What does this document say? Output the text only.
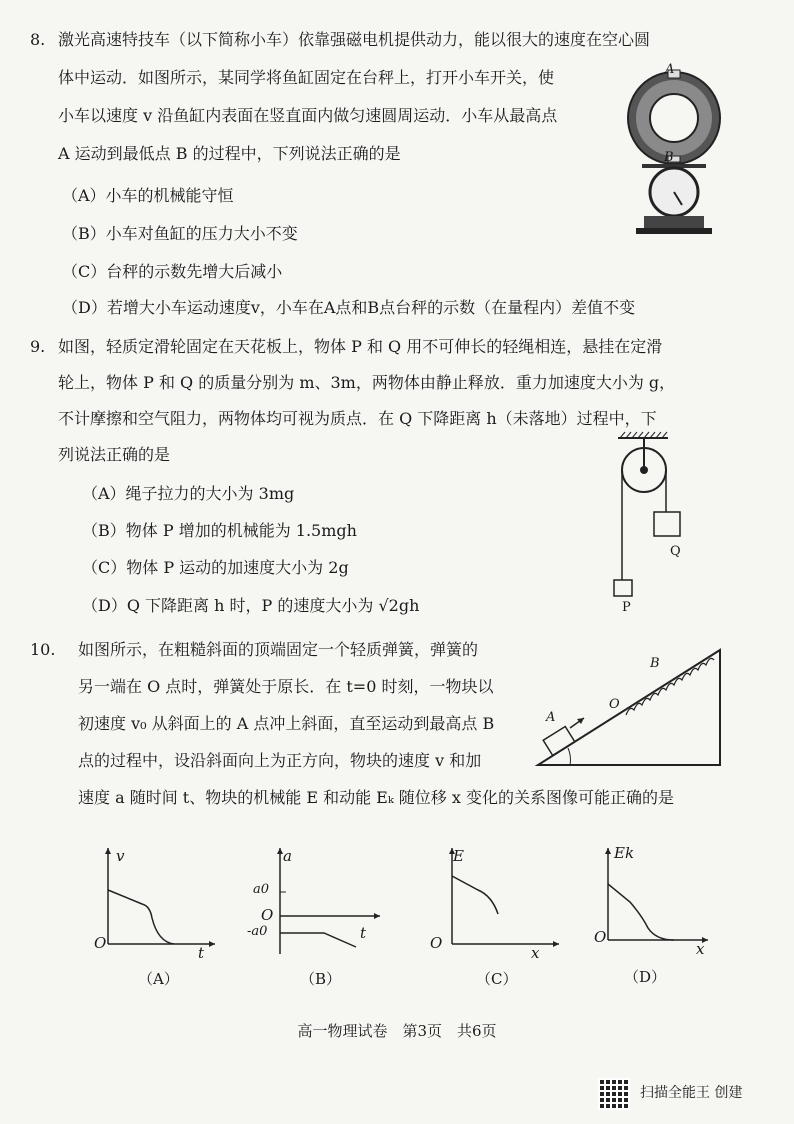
8. 激光高速特技车（以下简称小车）依靠强磁电机提供动力，能以很大的速度在空心圆
体中运动．如图所示，某同学将鱼缸固定在台秤上，打开小车开关，使
小车以速度 v 沿鱼缸内表面在竖直面内做匀速圆周运动．小车从最高点
A 运动到最低点 B 的过程中，下列说法正确的是
（A）小车的机械能守恒
（B）小车对鱼缸的压力大小不变
（C）台秤的示数先增大后减小
（D）若增大小车运动速度v，小车在A点和B点台秤的示数（在量程内）差值不变
A
B
9. 如图，轻质定滑轮固定在天花板上，物体 P 和 Q 用不可伸长的轻绳相连，悬挂在定滑
轮上，物体 P 和 Q 的质量分别为 m、3m，两物体由静止释放．重力加速度大小为 g，
不计摩擦和空气阻力，两物体均可视为质点．在 Q 下降距离 h（未落地）过程中，下
列说法正确的是
（A）绳子拉力的大小为 3mg
（B）物体 P 增加的机械能为 1.5mgh
（C）物体 P 运动的加速度大小为 2g
（D）Q 下降距离 h 时，P 的速度大小为 √2gh
Q
P
10. 如图所示，在粗糙斜面的顶端固定一个轻质弹簧，弹簧的
另一端在 O 点时，弹簧处于原长．在 t=0 时刻，一物块以
初速度 v₀ 从斜面上的 A 点冲上斜面，直至运动到最高点 B
点的过程中，设沿斜面向上为正方向，物块的速度 v 和加
速度 a 随时间 t、物块的机械能 E 和动能 Eₖ 随位移 x 变化的关系图像可能正确的是
A
O
B
v
t
O
（A）
a
t
O
a0
-a0
（B）
E
x
O
（C）
Ek
x
O
（D）
高一物理试卷　第3页　共6页
扫描全能王 创建
